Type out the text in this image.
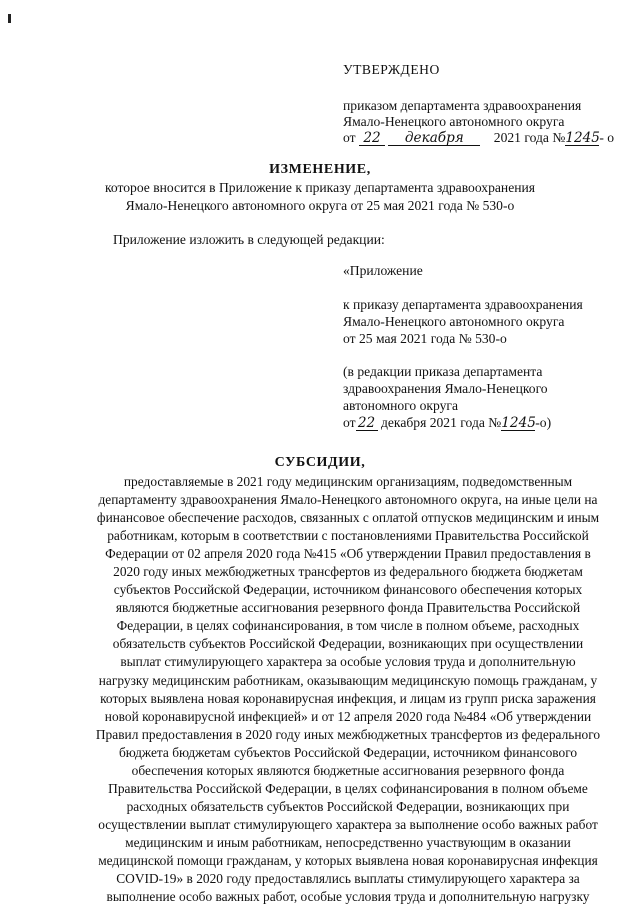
УТВЕРЖДЕНО
приказом департамента здравоохранения
Ямало-Ненецкого автономного округа
от 22 декабря 2021 года №1245- о
ИЗМЕНЕНИЕ,
которое вносится в Приложение к приказу департамента здравоохранения
Ямало-Ненецкого автономного округа от 25 мая 2021 года № 530-о
Приложение изложить в следующей редакции:
«Приложение
к приказу департамента здравоохранения
Ямало-Ненецкого автономного округа
от 25 мая 2021 года № 530-о
(в редакции приказа департамента
здравоохранения Ямало-Ненецкого
автономного округа
от 22 декабря 2021 года №1245-о)
СУБСИДИИ,
предоставляемые в 2021 году медицинским организациям, подведомственным
департаменту здравоохранения Ямало-Ненецкого автономного округа, на иные цели на
финансовое обеспечение расходов, связанных с оплатой отпусков медицинским и иным
работникам, которым в соответствии с постановлениями Правительства Российской
Федерации от 02 апреля 2020 года №415 «Об утверждении Правил предоставления в
2020 году иных межбюджетных трансфертов из федерального бюджета бюджетам
субъектов Российской Федерации, источником финансового обеспечения которых
являются бюджетные ассигнования резервного фонда Правительства Российской
Федерации, в целях софинансирования, в том числе в полном объеме, расходных
обязательств субъектов Российской Федерации, возникающих при осуществлении
выплат стимулирующего характера за особые условия труда и дополнительную
нагрузку медицинским работникам, оказывающим медицинскую помощь гражданам, у
которых выявлена новая коронавирусная инфекция, и лицам из групп риска заражения
новой коронавирусной инфекцией» и от 12 апреля 2020 года №484 «Об утверждении
Правил предоставления в 2020 году иных межбюджетных трансфертов из федерального
бюджета бюджетам субъектов Российской Федерации, источником финансового
обеспечения которых являются бюджетные ассигнования резервного фонда
Правительства Российской Федерации, в целях софинансирования в полном объеме
расходных обязательств субъектов Российской Федерации, возникающих при
осуществлении выплат стимулирующего характера за выполнение особо важных работ
медицинским и иным работникам, непосредственно участвующим в оказании
медицинской помощи гражданам, у которых выявлена новая коронавирусная инфекция
COVID-19» в 2020 году предоставлялись выплаты стимулирующего характера за
выполнение особо важных работ, особые условия труда и дополнительную нагрузку
